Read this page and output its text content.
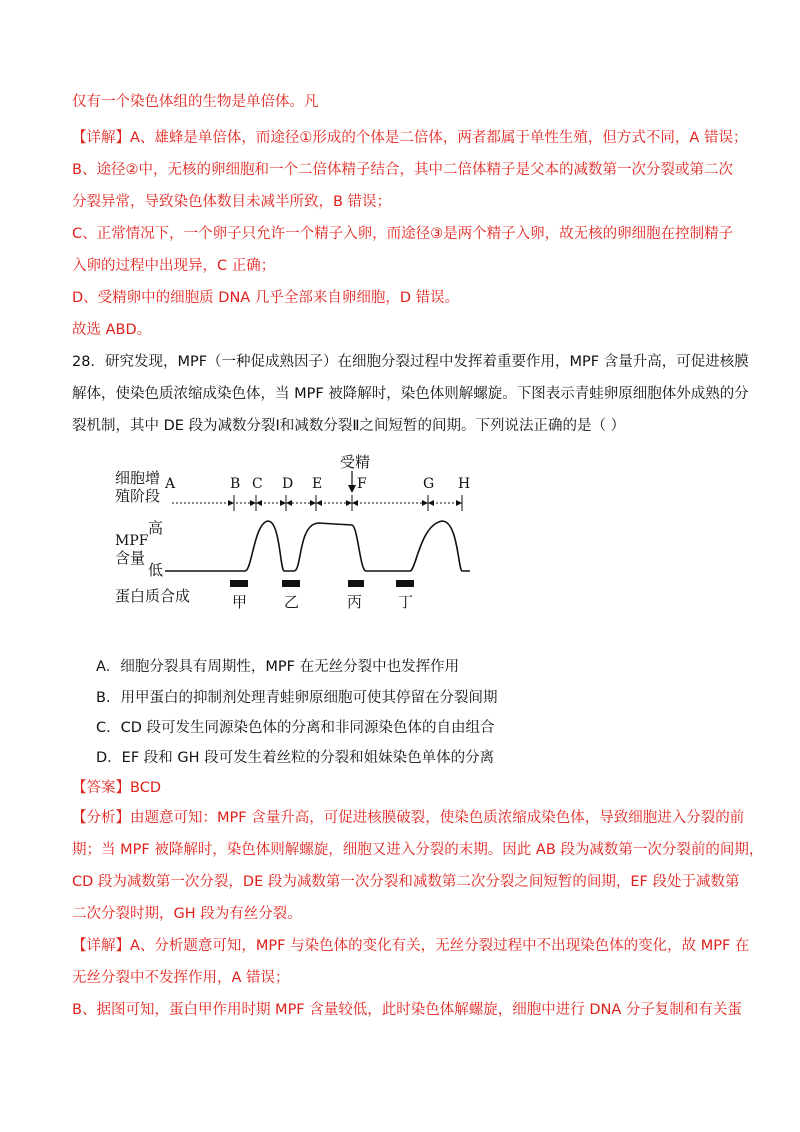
仅有一个染色体组的生物是单倍体。凡
【详解】A、雄蜂是单倍体，而途径①形成的个体是二倍体，两者都属于单性生殖，但方式不同，A 错误；
B、途径②中，无核的卵细胞和一个二倍体精子结合，其中二倍体精子是父本的减数第一次分裂或第二次
分裂异常，导致染色体数目未减半所致，B 错误；
C、正常情况下，一个卵子只允许一个精子入卵，而途径③是两个精子入卵，故无核的卵细胞在控制精子
入卵的过程中出现异，C 正确；
D、受精卵中的细胞质 DNA 几乎全部来自卵细胞，D 错误。
故选 ABD。
28．研究发现，MPF（一种促成熟因子）在细胞分裂过程中发挥着重要作用，MPF 含量升高，可促进核膜
解体，使染色质浓缩成染色体，当 MPF 被降解时，染色体则解螺旋。下图表示青蛙卵原细胞体外成熟的分
裂机制，其中 DE 段为减数分裂Ⅰ和减数分裂Ⅱ之间短暂的间期。下列说法正确的是（ ）
受精
细胞增
殖阶段
A	B C D E F	G H
MPF
含量
高
低
蛋白质合成	甲 乙	丙 丁
A．细胞分裂具有周期性，MPF 在无丝分裂中也发挥作用
B．用甲蛋白的抑制剂处理青蛙卵原细胞可使其停留在分裂间期
C．CD 段可发生同源染色体的分离和非同源染色体的自由组合
D．EF 段和 GH 段可发生着丝粒的分裂和姐妹染色单体的分离
【答案】BCD
【分析】由题意可知：MPF 含量升高，可促进核膜破裂，使染色质浓缩成染色体，导致细胞进入分裂的前
期；当 MPF 被降解时，染色体则解螺旋，细胞又进入分裂的末期。因此 AB 段为减数第一次分裂前的间期，
CD 段为减数第一次分裂，DE 段为减数第一次分裂和减数第二次分裂之间短暂的间期，EF 段处于减数第
二次分裂时期，GH 段为有丝分裂。
【详解】A、分析题意可知，MPF 与染色体的变化有关，无丝分裂过程中不出现染色体的变化，故 MPF 在
无丝分裂中不发挥作用，A 错误；
B、据图可知，蛋白甲作用时期 MPF 含量较低，此时染色体解螺旋，细胞中进行 DNA 分子复制和有关蛋
